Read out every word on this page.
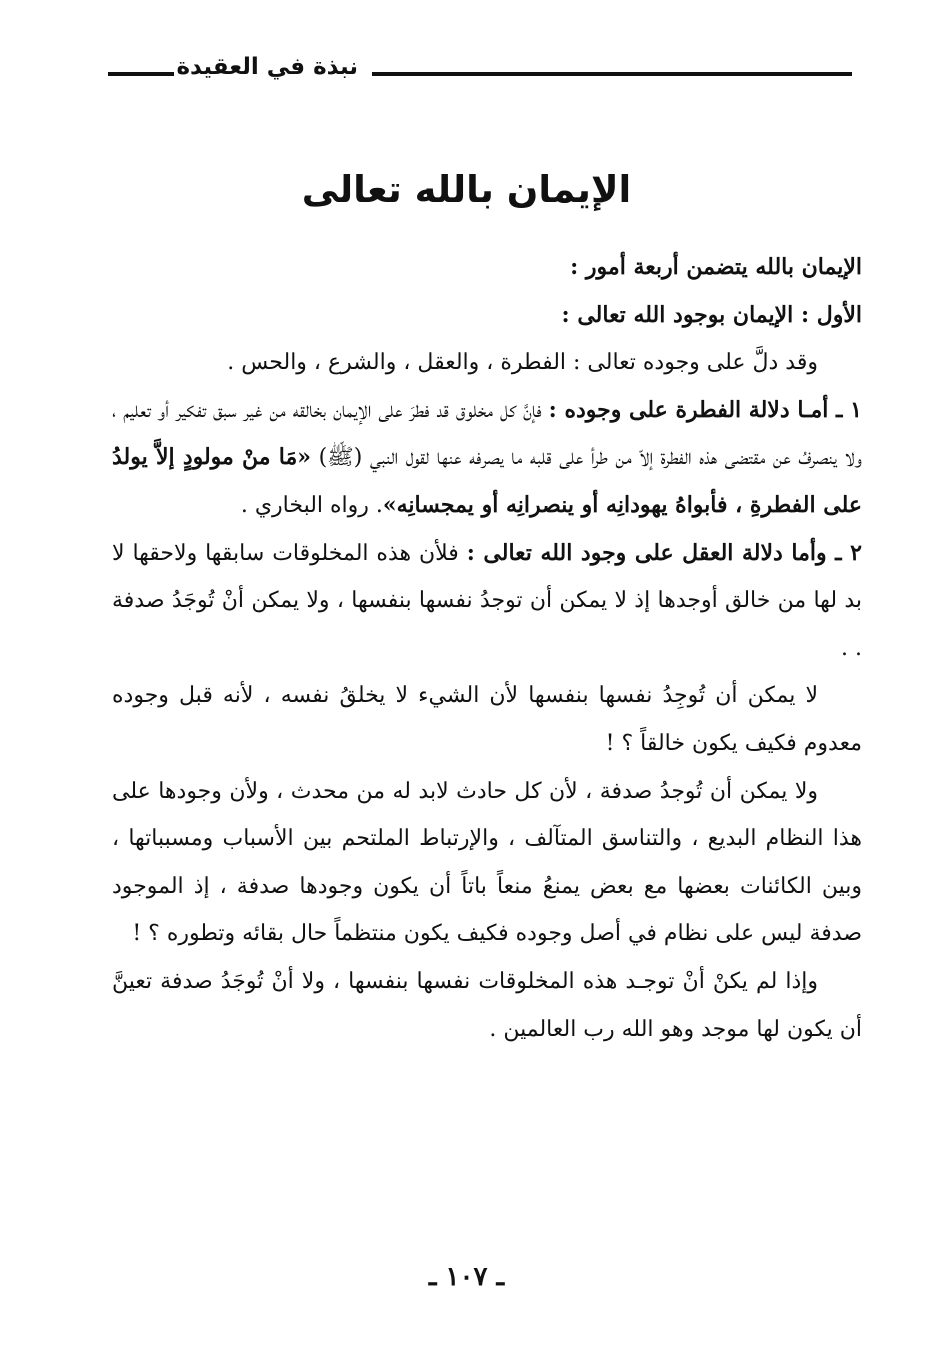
نبذة في العقيدة
الإيمان بالله تعالى

الإيمان بالله يتضمن أربعة أمور :

الأول : الإيمان بوجود الله تعالى :

وقد دلَّ على وجوده تعالى : الفطرة ، والعقل ، والشرع ، والحس .

١ ـ أمـا دلالة الفطرة على وجوده : فإنَّ كل مخلوق قد فطرَ على الإيمان بخالقه من غير سبق تفكير أو تعليم ، ولا ينصرفُ عن مقتضى هذه الفطرة إلاّ من طرأ على قلبه ما يصرفه عنها لقول النبي (ﷺ) «مَا منْ مولودٍ إلاَّ يولدُ على الفطرةِ ، فأبواهُ يهودانِه أو ينصرانِه أو يمجسانِه». رواه البخاري .

٢ ـ وأما دلالة العقل على وجود الله تعالى : فلأن هذه المخلوقات سابقها ولاحقها لا بد لها من خالق أوجدها إذ لا يمكن أن توجدُ نفسها بنفسها ، ولا يمكن أنْ تُوجَدُ صدفة . .

لا يمكن أن تُوجِدُ نفسها بنفسها لأن الشيء لا يخلقُ نفسه ، لأنه قبل وجوده معدوم فكيف يكون خالقاً ؟ !

ولا يمكن أن تُوجدُ صدفة ، لأن كل حادث لابد له من محدث ، ولأن وجودها على هذا النظام البديع ، والتناسق المتآلف ، والإرتباط الملتحم بين الأسباب ومسبباتها ، وبين الكائنات بعضها مع بعض يمنعُ منعاً باتاً أن يكون وجودها صدفة ، إذ الموجود صدفة ليس على نظام في أصل وجوده فكيف يكون منتظماً حال بقائه وتطوره ؟ !

وإذا لم يكنْ أنْ توجـد هذه المخلوقات نفسها بنفسها ، ولا أنْ تُوجَدُ صدفة تعينَّ أن يكون لها موجد وهو الله رب العالمين .

ـ ١٠٧ ـ
